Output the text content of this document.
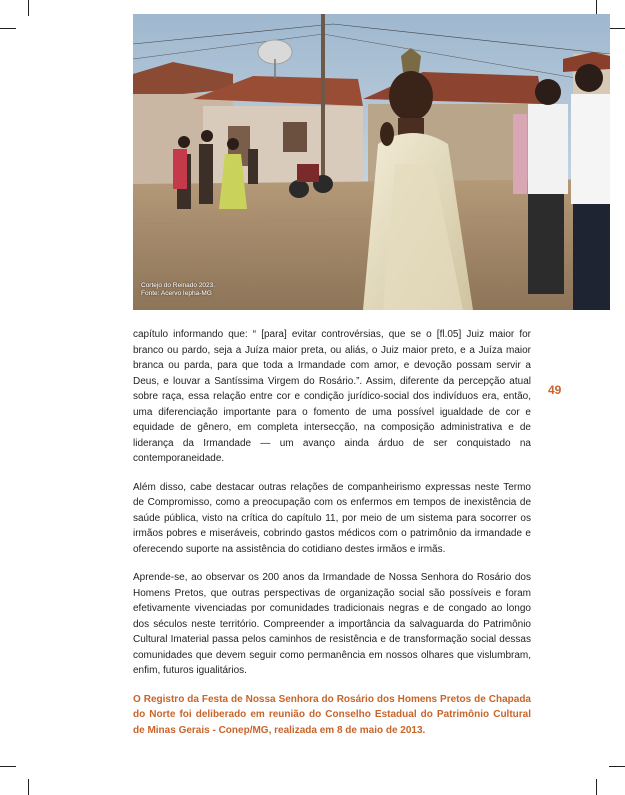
Cortejo do Reinado 2023.
Fonte: Acervo Iepha-MG
49

capítulo informando que: “ [para] evitar controvérsias, que se o [fl.05] Juiz maior for branco ou pardo, seja a Juíza maior preta, ou aliás, o Juiz maior preto, e a Juíza maior branca ou parda, para que toda a Irmandade com amor, e devoção possam servir a Deus, e louvar a Santíssima Virgem do Rosário.”. Assim, diferente da percepção atual sobre raça, essa relação entre cor e condição jurídico-social dos indivíduos era, então, uma diferenciação importante para o fomento de uma possível igualdade de cor e equidade de gênero, em completa intersecção, na composição administrativa e de liderança da Irmandade — um avanço ainda árduo de ser conquistado na contemporaneidade.

Além disso, cabe destacar outras relações de companheirismo expressas neste Termo de Compromisso, como a preocupação com os enfermos em tempos de inexistência de saúde pública, visto na crítica do capítulo 11, por meio de um sistema para socorrer os irmãos pobres e miseráveis, cobrindo gastos médicos com o patrimônio da irmandade e oferecendo suporte na assistência do cotidiano destes irmãos e irmãs.

Aprende-se, ao observar os 200 anos da Irmandade de Nossa Senhora do Rosário dos Homens Pretos, que outras perspectivas de organização social são possíveis e foram efetivamente vivenciadas por comunidades tradicionais negras e de congado ao longo dos séculos neste território. Compreender a importância da salvaguarda do Patrimônio Cultural Imaterial passa pelos caminhos de resistência e de transformação social dessas comunidades que devem seguir como permanência em nossos olhares que vislumbram, enfim, futuros igualitários.

O Registro da Festa de Nossa Senhora do Rosário dos Homens Pretos de Chapada do Norte foi deliberado em reunião do Conselho Estadual do Patrimônio Cultural de Minas Gerais - Conep/MG, realizada em 8 de maio de 2013.
